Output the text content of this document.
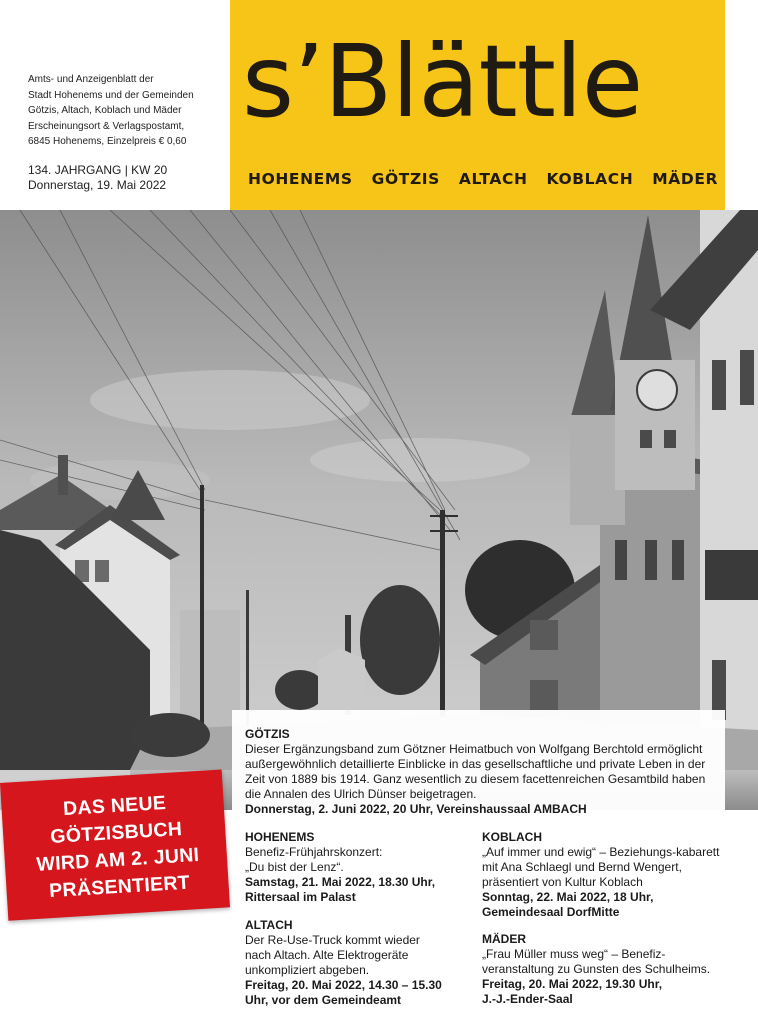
Amts- und Anzeigenblatt der
Stadt Hohenems und der Gemeinden
Götzis, Altach, Koblach und Mäder
Erscheinungsort & Verlagspostamt,
6845 Hohenems, Einzelpreis € 0,60
134. JAHRGANG | KW 20
Donnerstag, 19. Mai 2022
s’Blättle
HOHENEMS GÖTZIS ALTACH KOBLACH MÄDER
DAS NEUE
GÖTZISBUCH
WIRD AM 2. JUNI
PRÄSENTIERT

GÖTZIS

Dieser Ergänzungsband zum Götzner Heimatbuch von Wolfgang Berchtold ermöglicht außergewöhnlich detaillierte Einblicke in das gesellschaftliche und private Leben in der Zeit von 1889 bis 1914. Ganz wesentlich zu diesem facettenreichen Gesamtbild haben die Annalen des Ulrich Dünser beigetragen.

Donnerstag, 2. Juni 2022, 20 Uhr, Vereinshaussaal AMBACH

HOHENEMS

Benefiz-Frühjahrskonzert: „Du bist der Lenz“.

Samstag, 21. Mai 2022, 18.30 Uhr, Rittersaal im Palast

KOBLACH

„Auf immer und ewig“ – Beziehungs-kabarett mit Ana Schlaegl und Bernd Wengert, präsentiert von Kultur Koblach

Sonntag, 22. Mai 2022, 18 Uhr, Gemeindesaal DorfMitte

ALTACH

Der Re-Use-Truck kommt wieder nach Altach. Alte Elektrogeräte unkompliziert abgeben.

Freitag, 20. Mai 2022, 14.30 – 15.30 Uhr, vor dem Gemeindeamt

MÄDER

„Frau Müller muss weg“ – Benefiz-veranstaltung zu Gunsten des Schulheims.

Freitag, 20. Mai 2022, 19.30 Uhr, J.-J.-Ender-Saal
